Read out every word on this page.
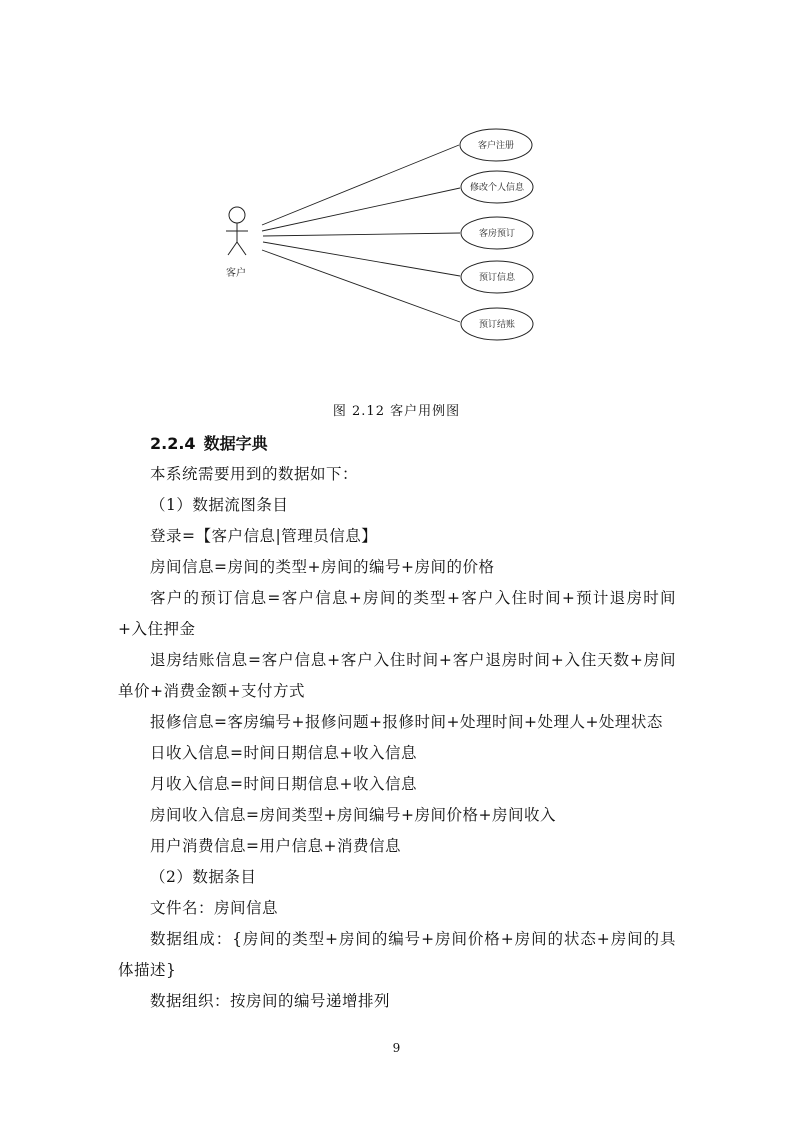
客户
客户注册
修改个人信息
客房预订
预订信息
预订结账
图 2.12 客户用例图
2.2.4 数据字典

本系统需要用到的数据如下：

（1）数据流图条目

登录=【客户信息|管理员信息】

房间信息=房间的类型+房间的编号+房间的价格

客户的预订信息=客户信息+房间的类型+客户入住时间+预计退房时间+入住押金

退房结账信息=客户信息+客户入住时间+客户退房时间+入住天数+房间单价+消费金额+支付方式

报修信息=客房编号+报修问题+报修时间+处理时间+处理人+处理状态

日收入信息=时间日期信息+收入信息

月收入信息=时间日期信息+收入信息

房间收入信息=房间类型+房间编号+房间价格+房间收入

用户消费信息=用户信息+消费信息

（2）数据条目

文件名：房间信息

数据组成：{房间的类型+房间的编号+房间价格+房间的状态+房间的具体描述}

数据组织：按房间的编号递增排列

9
